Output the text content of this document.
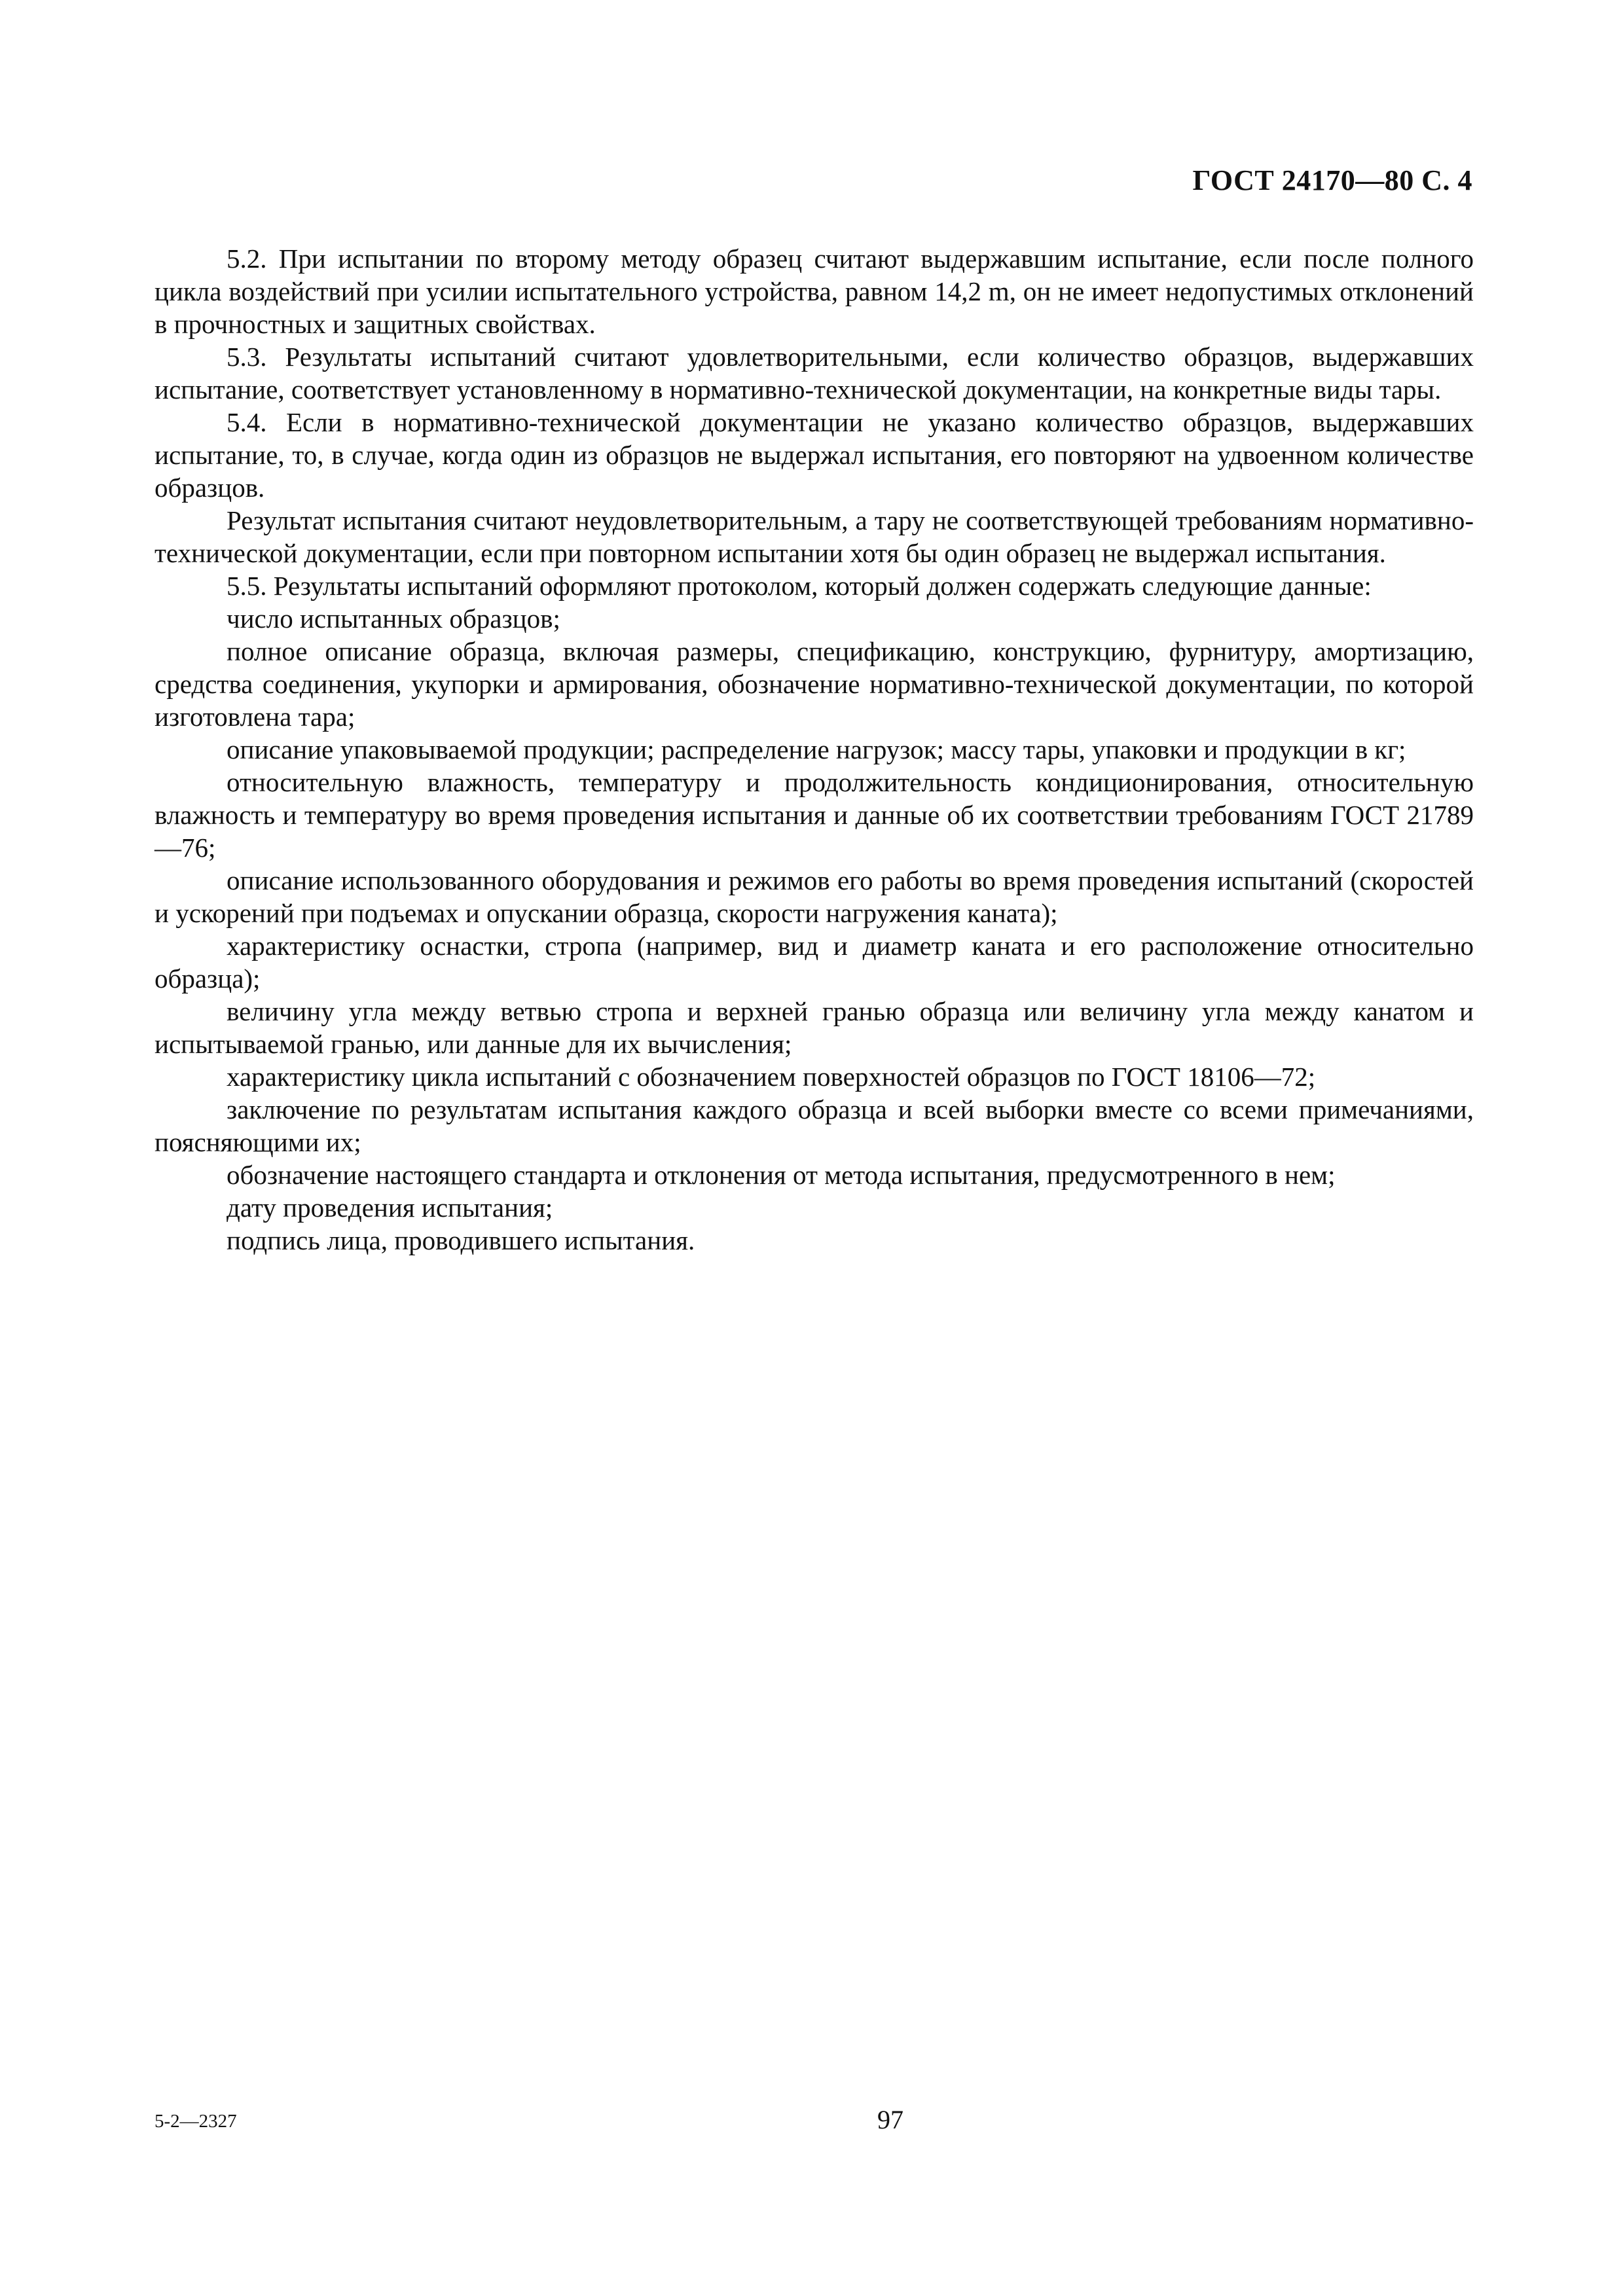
ГОСТ 24170—80 С. 4

5.2. При испытании по второму методу образец считают выдержавшим испытание, если после полного цикла воздействий при усилии испытательного устройства, равном 14,2 m, он не имеет недопустимых отклонений в прочностных и защитных свойствах.

5.3. Результаты испытаний считают удовлетворительными, если количество образцов, выдержавших испытание, соответствует установленному в нормативно-технической документации, на конкретные виды тары.

5.4. Если в нормативно-технической документации не указано количество образцов, выдержавших испытание, то, в случае, когда один из образцов не выдержал испытания, его повторяют на удвоенном количестве образцов.

Результат испытания считают неудовлетворительным, а тару не соответствующей требованиям нормативно-технической документации, если при повторном испытании хотя бы один образец не выдержал испытания.

5.5. Результаты испытаний оформляют протоколом, который должен содержать следующие данные:

число испытанных образцов;

полное описание образца, включая размеры, спецификацию, конструкцию, фурнитуру, амортизацию, средства соединения, укупорки и армирования, обозначение нормативно-технической документации, по которой изготовлена тара;

описание упаковываемой продукции; распределение нагрузок; массу тары, упаковки и продукции в кг;

относительную влажность, температуру и продолжительность кондиционирования, относительную влажность и температуру во время проведения испытания и данные об их соответствии требованиям ГОСТ 21789—76;

описание использованного оборудования и режимов его работы во время проведения испытаний (скоростей и ускорений при подъемах и опускании образца, скорости нагружения каната);

характеристику оснастки, стропа (например, вид и диаметр каната и его расположение относительно образца);

величину угла между ветвью стропа и верхней гранью образца или величину угла между канатом и испытываемой гранью, или данные для их вычисления;

характеристику цикла испытаний с обозначением поверхностей образцов по ГОСТ 18106—72;

заключение по результатам испытания каждого образца и всей выборки вместе со всеми примечаниями, поясняющими их;

обозначение настоящего стандарта и отклонения от метода испытания, предусмотренного в нем;

дату проведения испытания;

подпись лица, проводившего испытания.

5-2—2327	97
